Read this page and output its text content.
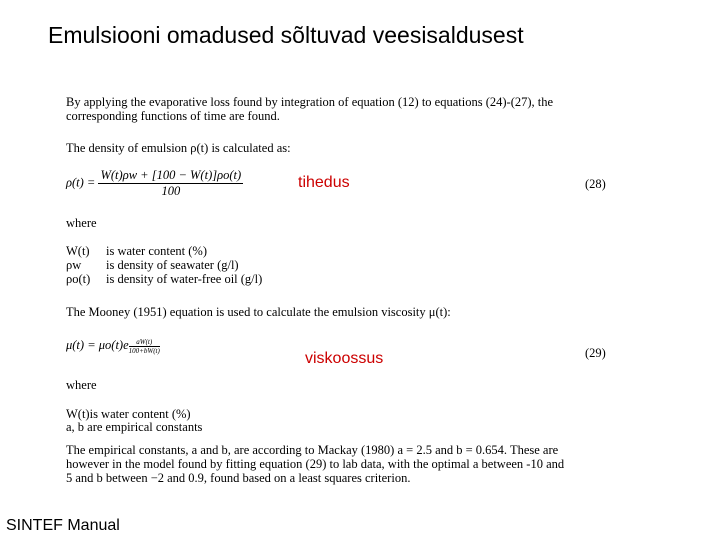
Emulsiooni omadused sõltuvad veesisaldusest
By applying the evaporative loss found by integration of equation (12) to equations (24)-(27), the
corresponding functions of time are found.
The density of emulsion ρ(t) is calculated as:
$\rho(t) = \frac{W(t)\rho w + [100 - W(t)]\rho o(t)}{100}$	(28)
where
W(t)	is water content (%)
ρw	is density of seawater (g/l)
ρo(t)	is density of water-free oil (g/l)
The Mooney (1951) equation is used to calculate the emulsion viscosity μ(t):
$\mu(t) = \mu o(t)e \frac{aW(t)}{100+bW(t)}$	(29)
where
W(t)is water content (%)
a, b are empirical constants
The empirical constants, a and b, are according to Mackay (1980) a = 2.5 and b = 0.654. These are
however in the model found by fitting equation (29) to lab data, with the optimal a between -10 and
5 and b between −2 and 0.9, found based on a least squares criterion.
tihedus
viskoossus
SINTEF Manual
